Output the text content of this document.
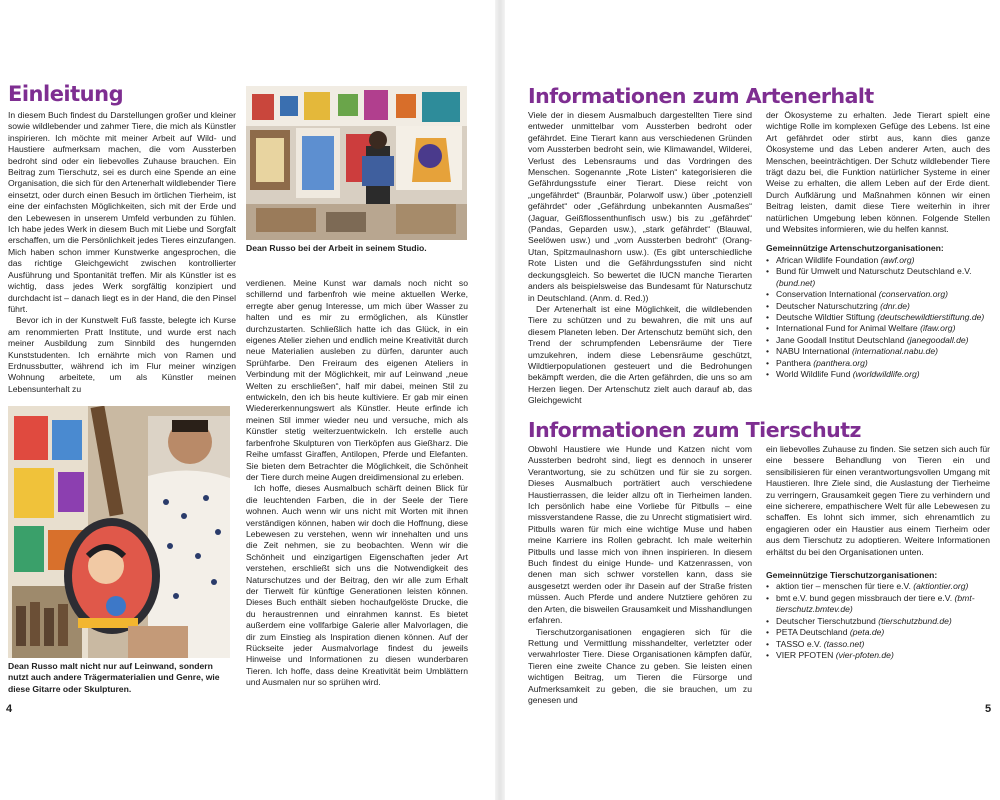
Einleitung

In diesem Buch findest du Darstellungen großer und kleiner sowie wildlebender und zahmer Tiere, die mich als Künstler inspirieren. Ich möchte mit meiner Arbeit auf Wild- und Haustiere aufmerksam machen, die vom Aussterben bedroht sind oder ein liebevolles Zuhause brauchen. Ein Beitrag zum Tierschutz, sei es durch eine Spende an eine Organisation, die sich für den Artenerhalt wildlebender Tiere einsetzt, oder durch einen Besuch im örtlichen Tierheim, ist eine der einfachsten Möglichkeiten, sich mit der Erde und den Lebewesen in unserem Umfeld verbunden zu fühlen. Ich habe jedes Werk in diesem Buch mit Liebe und Sorgfalt erschaffen, um die Persönlichkeit jedes Tieres einzufangen. Mich haben schon immer Kunstwerke angesprochen, die das richtige Gleichgewicht zwischen kontrollierter Ausführung und Spontanität treffen. Mir als Künstler ist es wichtig, dass jedes Werk sorgfältig konzipiert und durchdacht ist – danach liegt es in der Hand, die den Pinsel führt.

Bevor ich in der Kunstwelt Fuß fasste, belegte ich Kurse am renommierten Pratt Institute, und wurde erst nach meiner Ausbildung zum Sinnbild des hungernden Kunststudenten. Ich ernährte mich von Ramen und Erdnussbutter, während ich im Flur meiner winzigen Wohnung arbeitete, um als Künstler meinen Lebensunterhalt zu

Dean Russo bei der Arbeit in seinem Studio.

Dean Russo malt nicht nur auf Leinwand, sondern nutzt auch andere Trägermaterialien und Genre, wie diese Gitarre oder Skulpturen.

verdienen. Meine Kunst war damals noch nicht so schillernd und farbenfroh wie meine aktuellen Werke, erregte aber genug Interesse, um mich über Wasser zu halten und es mir zu ermöglichen, als Künstler durchzustarten. Schließlich hatte ich das Glück, in ein eigenes Atelier ziehen und endlich meine Kreativität durch neue Materialien ausleben zu dürfen, darunter auch Sprühfarbe. Den Freiraum des eigenen Ateliers in Verbindung mit der Möglichkeit, mir auf Leinwand „neue Welten zu erschließen“, half mir dabei, meinen Stil zu entwickeln, den ich bis heute kultiviere. Er gab mir einen Wiedererkennungswert als Künstler. Heute erfinde ich meinen Stil immer wieder neu und versuche, mich als Künstler stetig weiterzuentwickeln. Ich erstelle auch farbenfrohe Skulpturen von Tierköpfen aus Gießharz. Die Reihe umfasst Giraffen, Antilopen, Pferde und Elefanten. Sie bieten dem Betrachter die Möglichkeit, die Schönheit der Tiere durch meine Augen dreidimensional zu erleben.

Ich hoffe, dieses Ausmalbuch schärft deinen Blick für die leuchtenden Farben, die in der Seele der Tiere wohnen. Auch wenn wir uns nicht mit Worten mit ihnen verständigen können, haben wir doch die Hoffnung, diese Lebewesen zu verstehen, wenn wir innehalten und uns die Zeit nehmen, sie zu beobachten. Wenn wir die Schönheit und einzigartigen Eigenschaften jeder Art verstehen, erschließt sich uns die Notwendigkeit des Naturschutzes und der Beitrag, den wir alle zum Erhalt der Tierwelt für künftige Generationen leisten können. Dieses Buch enthält sieben hochaufgelöste Drucke, die du heraustrennen und einrahmen kannst. Es bietet außerdem eine vollfarbige Galerie aller Malvorlagen, die dir zum Einstieg als Inspiration dienen können. Auf der Rückseite jeder Ausmalvorlage findest du jeweils Hinweise und Informationen zu diesen wunderbaren Tieren. Ich hoffe, dass deine Kreativität beim Umblättern und Ausmalen nur so sprühen wird.

4
Informationen zum Artenerhalt

Viele der in diesem Ausmalbuch dargestellten Tiere sind entweder unmittelbar vom Aussterben bedroht oder gefährdet. Eine Tierart kann aus verschiedenen Gründen vom Aussterben bedroht sein, wie Klimawandel, Wilderei, Verlust des Lebensraums und das Vordringen des Menschen. Sogenannte „Rote Listen“ kategorisieren die Gefährdungsstufe einer Tierart. Diese reicht von „ungefährdet“ (Braunbär, Polarwolf usw.) über „potenziell gefährdet“ oder „Gefährdung unbekannten Ausmaßes“ (Jaguar, Geißflossenthunfisch usw.) bis zu „gefährdet“ (Pandas, Geparden usw.), „stark gefährdet“ (Blauwal, Seelöwen usw.) und „vom Aussterben bedroht“ (Orang-Utan, Spitzmaulnashorn usw.). (Es gibt unterschiedliche Rote Listen und die Gefährdungsstufen sind nicht deckungsgleich. So bewertet die IUCN manche Tierarten anders als beispielsweise das Bundesamt für Naturschutz in Deutschland. (Anm. d. Red.))

Der Artenerhalt ist eine Möglichkeit, die wildlebenden Tiere zu schützen und zu bewahren, die mit uns auf diesem Planeten leben. Der Artenschutz bemüht sich, den Trend der schrumpfenden Lebensräume der Tiere umzukehren, indem diese Lebensräume geschützt, Wildtierpopulationen gesteuert und die Bedrohungen bekämpft werden, die die Arten gefährden, die uns so am Herzen liegen. Der Artenschutz zielt auch darauf ab, das Gleichgewicht

der Ökosysteme zu erhalten. Jede Tierart spielt eine wichtige Rolle im komplexen Gefüge des Lebens. Ist eine Art gefährdet oder stirbt aus, kann dies ganze Ökosysteme und das Leben anderer Arten, auch des Menschen, beeinträchtigen. Der Schutz wildlebender Tiere trägt dazu bei, die Funktion natürlicher Systeme in einer Weise zu erhalten, die allem Leben auf der Erde dient. Durch Aufklärung und Maßnahmen können wir einen Beitrag leisten, damit diese Tiere weiterhin in ihrer natürlichen Umgebung leben können. Folgende Stellen und Websites informieren, wie du helfen kannst.

Gemeinnützige Artenschutzorganisationen:

• African Wildlife Foundation (awf.org)
• Bund für Umwelt und Naturschutz Deutschland e.V. (bund.net)
• Conservation International (conservation.org)
• Deutscher Naturschutzring (dnr.de)
• Deutsche Wildtier Stiftung (deutschewildtierstiftung.de)
• International Fund for Animal Welfare (ifaw.org)
• Jane Goodall Institut Deutschland (janegoodall.de)
• NABU International (international.nabu.de)
• Panthera (panthera.org)
• World Wildlife Fund (worldwildlife.org)
Informationen zum Tierschutz

Obwohl Haustiere wie Hunde und Katzen nicht vom Aussterben bedroht sind, liegt es dennoch in unserer Verantwortung, sie zu schützen und für sie zu sorgen. Dieses Ausmalbuch porträtiert auch verschiedene Haustierrassen, die leider allzu oft in Tierheimen landen. Ich persönlich habe eine Vorliebe für Pitbulls – eine missverstandene Rasse, die zu Unrecht stigmatisiert wird. Pitbulls waren für mich eine wichtige Muse und haben meine Karriere ins Rollen gebracht. Ich male weiterhin Pitbulls und lasse mich von ihnen inspirieren. In diesem Buch findest du einige Hunde- und Katzenrassen, von denen man sich schwer vorstellen kann, dass sie ausgesetzt werden oder ihr Dasein auf der Straße fristen müssen. Auch Pferde und andere Nutztiere gehören zu den Arten, die bisweilen Grausamkeit und Misshandlungen erfahren.

Tierschutzorganisationen engagieren sich für die Rettung und Vermittlung misshandelter, verletzter oder verwahrloster Tiere. Diese Organisationen kämpfen dafür, Tieren eine zweite Chance zu geben. Sie leisten einen wichtigen Beitrag, um Tieren die Fürsorge und Aufmerksamkeit zu geben, die sie brauchen, um zu genesen und

ein liebevolles Zuhause zu finden. Sie setzen sich auch für eine bessere Behandlung von Tieren ein und sensibilisieren für einen verantwortungsvollen Umgang mit Haustieren. Ihre Ziele sind, die Auslastung der Tierheime zu verringern, Grausamkeit gegen Tiere zu verhindern und eine sicherere, empathischere Welt für alle Lebewesen zu schaffen. Es lohnt sich immer, sich ehrenamtlich zu engagieren oder ein Haustier aus einem Tierheim oder aus dem Tierschutz zu adoptieren. Weitere Informationen erhältst du bei den Organisationen unten.

Gemeinnützige Tierschutzorganisationen:

• aktion tier – menschen für tiere e.V. (aktiontier.org)
• bmt e.V. bund gegen missbrauch der tiere e.V. (bmt-tierschutz.bmtev.de)
• Deutscher Tierschutzbund (tierschutzbund.de)
• PETA Deutschland (peta.de)
• TASSO e.V. (tasso.net)
• VIER PFOTEN (vier-pfoten.de)
5
